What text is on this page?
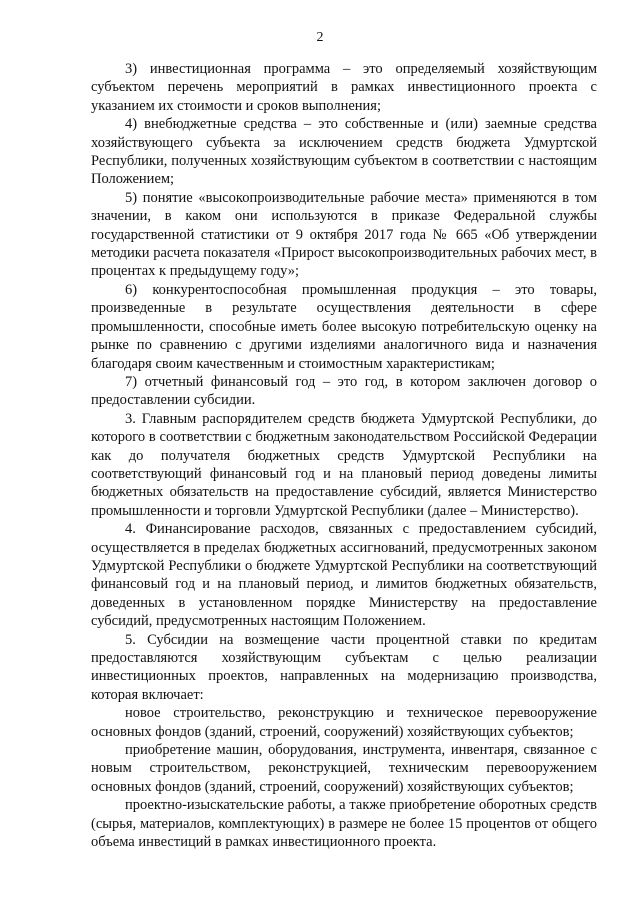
2

3) инвестиционная программа – это определяемый хозяйствующим субъектом перечень мероприятий в рамках инвестиционного проекта с указанием их стоимости и сроков выполнения;

4) внебюджетные средства – это собственные и (или) заемные средства хозяйствующего субъекта за исключением средств бюджета Удмуртской Республики, полученных хозяйствующим субъектом в соответствии с настоящим Положением;

5) понятие «высокопроизводительные рабочие места» применяются в том значении, в каком они используются в приказе Федеральной службы государственной статистики от 9 октября 2017 года № 665 «Об утверждении методики расчета показателя «Прирост высокопроизводительных рабочих мест, в процентах к предыдущему году»;

6) конкурентоспособная промышленная продукция – это товары, произведенные в результате осуществления деятельности в сфере промышленности, способные иметь более высокую потребительскую оценку на рынке по сравнению с другими изделиями аналогичного вида и назначения благодаря своим качественным и стоимостным характеристикам;

7) отчетный финансовый год – это год, в котором заключен договор о предоставлении субсидии.

3. Главным распорядителем средств бюджета Удмуртской Республики, до которого в соответствии с бюджетным законодательством Российской Федерации как до получателя бюджетных средств Удмуртской Республики на соответствующий финансовый год и на плановый период доведены лимиты бюджетных обязательств на предоставление субсидий, является Министерство промышленности и торговли Удмуртской Республики (далее – Министерство).

4. Финансирование расходов, связанных с предоставлением субсидий, осуществляется в пределах бюджетных ассигнований, предусмотренных законом Удмуртской Республики о бюджете Удмуртской Республики на соответствующий финансовый год и на плановый период, и лимитов бюджетных обязательств, доведенных в установленном порядке Министерству на предоставление субсидий, предусмотренных настоящим Положением.

5. Субсидии на возмещение части процентной ставки по кредитам предоставляются хозяйствующим субъектам с целью реализации инвестиционных проектов, направленных на модернизацию производства, которая включает:

новое строительство, реконструкцию и техническое перевооружение основных фондов (зданий, строений, сооружений) хозяйствующих субъектов;

приобретение машин, оборудования, инструмента, инвентаря, связанное с новым строительством, реконструкцией, техническим перевооружением основных фондов (зданий, строений, сооружений) хозяйствующих субъектов;

проектно-изыскательские работы, а также приобретение оборотных средств (сырья, материалов, комплектующих) в размере не более 15 процентов от общего объема инвестиций в рамках инвестиционного проекта.
